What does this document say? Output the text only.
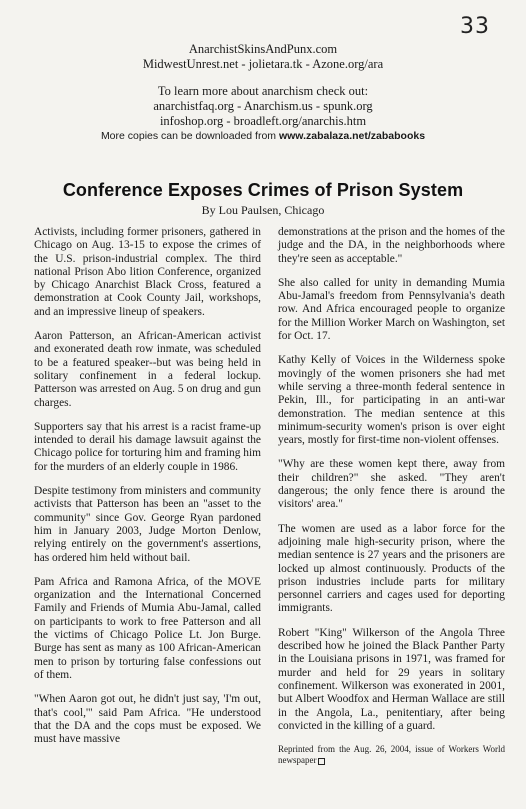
33
AnarchistSkinsAndPunx.com
MidwestUnrest.net - jolietara.tk - Azone.org/ara
To learn more about anarchism check out:
anarchistfaq.org - Anarchism.us - spunk.org
infoshop.org - broadleft.org/anarchis.htm
More copies can be downloaded from www.zabalaza.net/zababooks
Conference Exposes Crimes of Prison System
By Lou Paulsen, Chicago

Activists, including former prisoners, gathered in Chicago on Aug. 13-15 to expose the crimes of the U.S. prison-industrial complex. The third national Prison Abo lition Conference, organized by Chicago Anarchist Black Cross, featured a demonstration at Cook County Jail, workshops, and an impressive lineup of speakers.

Aaron Patterson, an African-American activist and exonerated death row inmate, was scheduled to be a featured speaker--but was being held in solitary confinement in a federal lockup. Patterson was arrested on Aug. 5 on drug and gun charges.

Supporters say that his arrest is a racist frame-up intended to derail his damage lawsuit against the Chicago police for torturing him and framing him for the murders of an elderly couple in 1986.

Despite testimony from ministers and community activists that Patterson has been an "asset to the community" since Gov. George Ryan pardoned him in January 2003, Judge Morton Denlow, relying entirely on the government's assertions, has ordered him held without bail.

Pam Africa and Ramona Africa, of the MOVE organization and the International Concerned Family and Friends of Mumia Abu-Jamal, called on participants to work to free Patterson and all the victims of Chicago Police Lt. Jon Burge. Burge has sent as many as 100 African-American men to prison by torturing false confessions out of them.

"When Aaron got out, he didn't just say, 'I'm out, that's cool,'" said Pam Africa. "He understood that the DA and the cops must be exposed. We must have massive

demonstrations at the prison and the homes of the judge and the DA, in the neighborhoods where they're seen as acceptable."

She also called for unity in demanding Mumia Abu-Jamal's freedom from Pennsylvania's death row. And Africa encouraged people to organize for the Million Worker March on Washington, set for Oct. 17.

Kathy Kelly of Voices in the Wilderness spoke movingly of the women prisoners she had met while serving a three-month federal sentence in Pekin, Ill., for participating in an anti-war demonstration. The median sentence at this minimum-security women's prison is over eight years, mostly for first-time non-violent offenses.

"Why are these women kept there, away from their children?" she asked. "They aren't dangerous; the only fence there is around the visitors' area."

The women are used as a labor force for the adjoining male high-security prison, where the median sentence is 27 years and the prisoners are locked up almost continuously. Products of the prison industries include parts for military personnel carriers and cages used for deporting immigrants.

Robert "King" Wilkerson of the Angola Three described how he joined the Black Panther Party in the Louisiana prisons in 1971, was framed for murder and held for 29 years in solitary confinement. Wilkerson was exonerated in 2001, but Albert Woodfox and Herman Wallace are still in the Angola, La., penitentiary, after being convicted in the killing of a guard.

Reprinted from the Aug. 26, 2004, issue of Workers World newspaper
